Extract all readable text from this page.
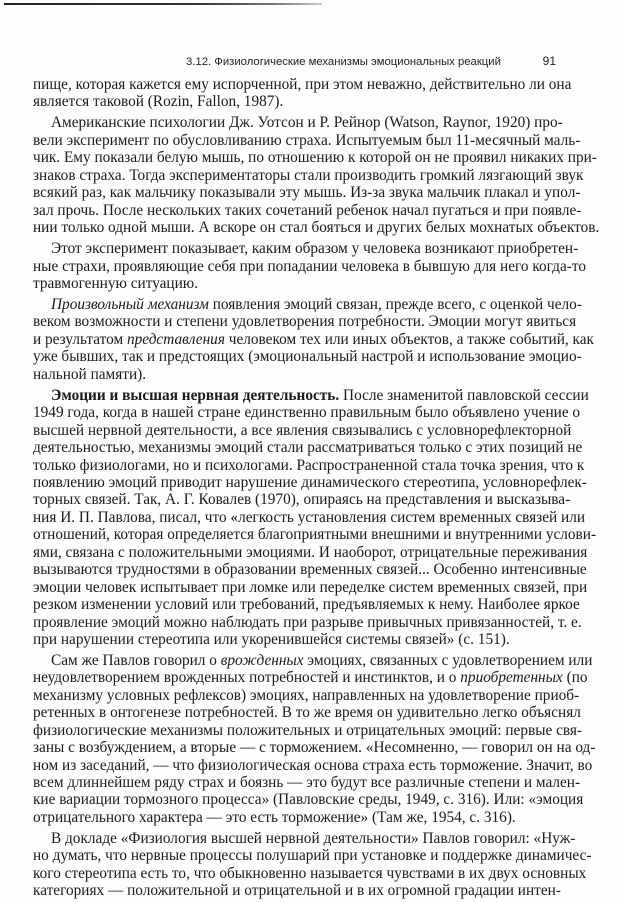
3.12. Физиологические механизмы эмоциональных реакций	91
пище, которая кажется ему испорченной, при этом неважно, действительно ли она
является таковой (Rozin, Fallon, 1987).
Американские психологии Дж. Уотсон и Р. Рейнор (Watson, Raynor, 1920) про-
вели эксперимент по обусловливанию страха. Испытуемым был 11-месячный маль-
чик. Ему показали белую мышь, по отношению к которой он не проявил никаких при-
знаков страха. Тогда экспериментаторы стали производить громкий лязгающий звук
всякий раз, как мальчику показывали эту мышь. Из-за звука мальчик плакал и упол-
зал прочь. После нескольких таких сочетаний ребенок начал пугаться и при появле-
нии только одной мыши. А вскоре он стал бояться и других белых мохнатых объектов.
Этот эксперимент показывает, каким образом у человека возникают приобретен-
ные страхи, проявляющие себя при попадании человека в бывшую для него когда-то
травмогенную ситуацию.
Произвольный механизм появления эмоций связан, прежде всего, с оценкой чело-
веком возможности и степени удовлетворения потребности. Эмоции могут явиться
и результатом представления человеком тех или иных объектов, а также событий, как
уже бывших, так и предстоящих (эмоциональный настрой и использование эмоцио-
нальной памяти).
Эмоции и высшая нервная деятельность. После знаменитой павловской сессии
1949 года, когда в нашей стране единственно правильным было объявлено учение о
высшей нервной деятельности, а все явления связывались с условнорефлекторной
деятельностью, механизмы эмоций стали рассматриваться только с этих позиций не
только физиологами, но и психологами. Распространенной стала точка зрения, что к
появлению эмоций приводит нарушение динамического стереотипа, условнорефлек-
торных связей. Так, А. Г. Ковалев (1970), опираясь на представления и высказыва-
ния И. П. Павлова, писал, что «легкость установления систем временных связей или
отношений, которая определяется благоприятными внешними и внутренними услови-
ями, связана с положительными эмоциями. И наоборот, отрицательные переживания
вызываются трудностями в образовании временных связей... Особенно интенсивные
эмоции человек испытывает при ломке или переделке систем временных связей, при
резком изменении условий или требований, предъявляемых к нему. Наиболее яркое
проявление эмоций можно наблюдать при разрыве привычных привязанностей, т. е.
при нарушении стереотипа или укоренившейся системы связей» (с. 151).
Сам же Павлов говорил о врожденных эмоциях, связанных с удовлетворением или
неудовлетворением врожденных потребностей и инстинктов, и о приобретенных (по
механизму условных рефлексов) эмоциях, направленных на удовлетворение приоб-
ретенных в онтогенезе потребностей. В то же время он удивительно легко объяснял
физиологические механизмы положительных и отрицательных эмоций: первые свя-
заны с возбуждением, а вторые — с торможением. «Несомненно, — говорил он на од-
ном из заседаний, — что физиологическая основа страха есть торможение. Значит, во
всем длиннейшем ряду страх и боязнь — это будут все различные степени и мален-
кие вариации тормозного процесса» (Павловские среды, 1949, с. 316). Или: «эмоция
отрицательного характера — это есть торможение» (Там же, 1954, с. 316).
В докладе «Физиология высшей нервной деятельности» Павлов говорил: «Нуж-
но думать, что нервные процессы полушарий при установке и поддержке динамичес-
кого стереотипа есть то, что обыкновенно называется чувствами в их двух основных
категориях — положительной и отрицательной и в их огромной градации интен-
